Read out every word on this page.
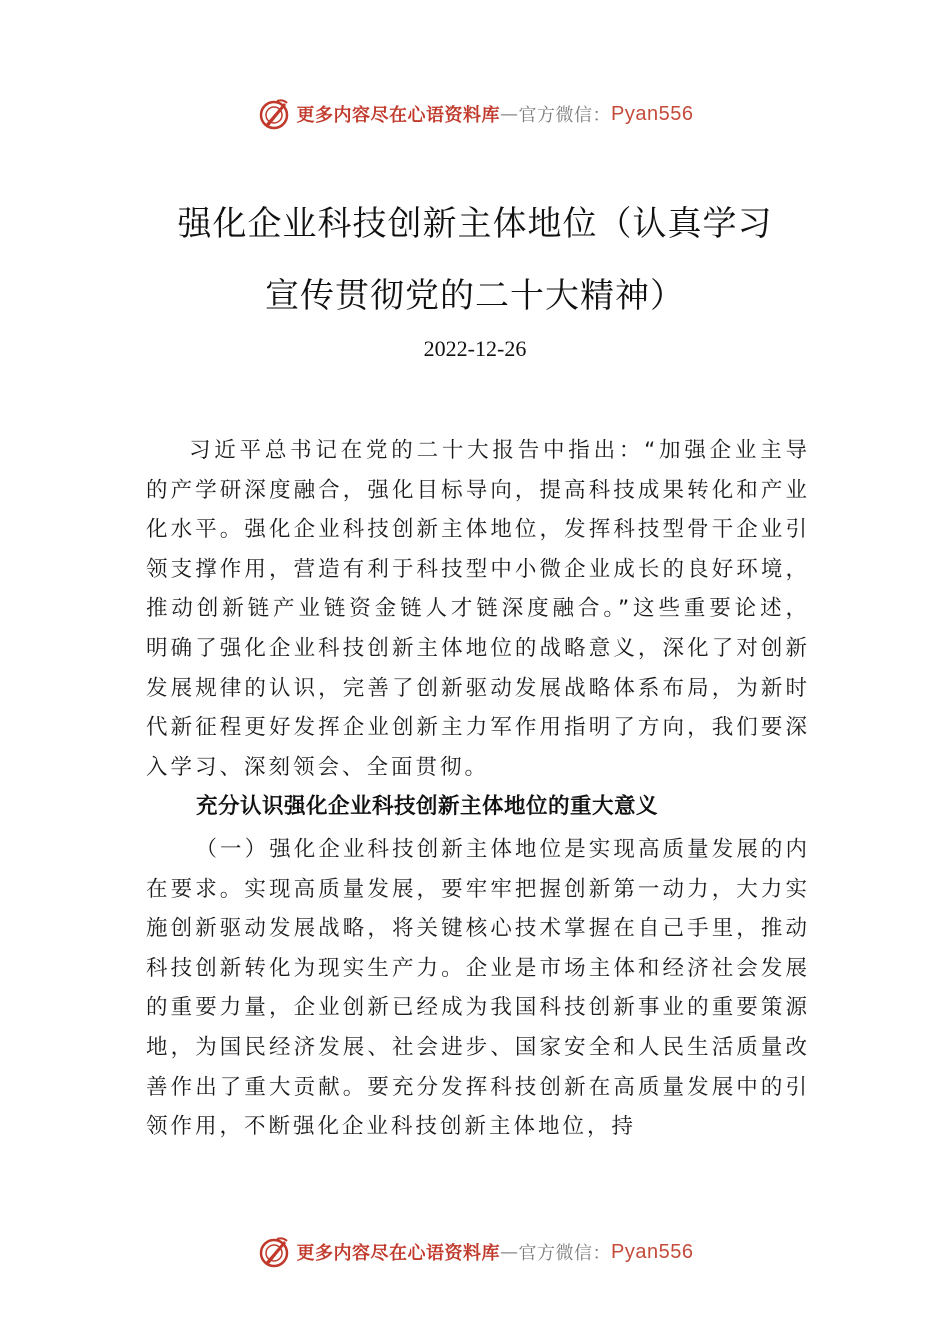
更多内容尽在心语资料库 — 官方微信： Pyan556
强化企业科技创新主体地位（认真学习
宣传贯彻党的二十大精神）
2022-12-26

习近平总书记在党的二十大报告中指出：“加强企业主导的产学研深度融合，强化目标导向，提高科技成果转化和产业化水平。强化企业科技创新主体地位，发挥科技型骨干企业引领支撑作用，营造有利于科技型中小微企业成长的良好环境，推动创新链产业链资金链人才链深度融合。”这些重要论述，明确了强化企业科技创新主体地位的战略意义，深化了对创新发展规律的认识，完善了创新驱动发展战略体系布局，为新时代新征程更好发挥企业创新主力军作用指明了方向，我们要深入学习、深刻领会、全面贯彻。

充分认识强化企业科技创新主体地位的重大意义

（一）强化企业科技创新主体地位是实现高质量发展的内在要求。实现高质量发展，要牢牢把握创新第一动力，大力实施创新驱动发展战略，将关键核心技术掌握在自己手里，推动科技创新转化为现实生产力。企业是市场主体和经济社会发展的重要力量，企业创新已经成为我国科技创新事业的重要策源地，为国民经济发展、社会进步、国家安全和人民生活质量改善作出了重大贡献。要充分发挥科技创新在高质量发展中的引领作用，不断强化企业科技创新主体地位，持

更多内容尽在心语资料库 — 官方微信： Pyan556
